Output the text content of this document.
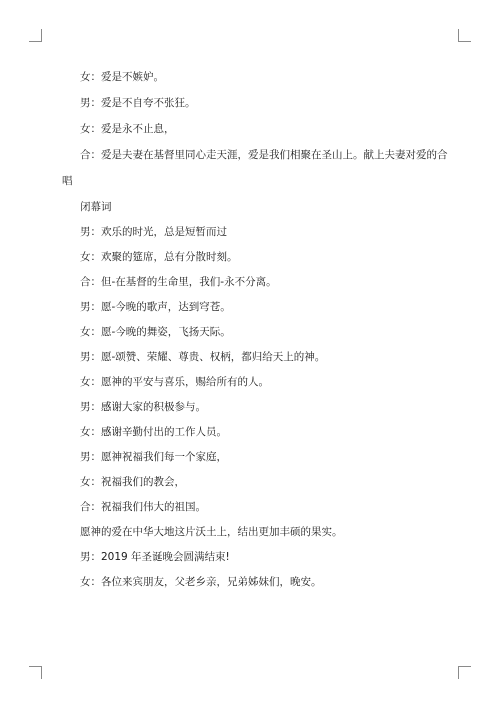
女：爱是不嫉妒。
男：爱是不自夸不张狂。
女：爱是永不止息，
合：爱是夫妻在基督里同心走天涯，爱是我们相聚在圣山上。献上夫妻对爱的合
唱
闭幕词
男：欢乐的时光，总是短暂而过
女：欢聚的筵席，总有分散时刻。
合：但-在基督的生命里，我们-永不分离。
男：愿-今晚的歌声，达到穹苍。
女：愿-今晚的舞姿，飞扬天际。
男：愿-颂赞、荣耀、尊贵、权柄，都归给天上的神。
女：愿神的平安与喜乐，赐给所有的人。
男：感谢大家的积极参与。
女：感谢辛勤付出的工作人员。
男：愿神祝福我们每一个家庭，
女：祝福我们的教会，
合：祝福我们伟大的祖国。
愿神的爱在中华大地这片沃土上，结出更加丰硕的果实。
男：2019 年圣诞晚会圆满结束!
女：各位来宾朋友，父老乡亲，兄弟姊妹们，晚安。
